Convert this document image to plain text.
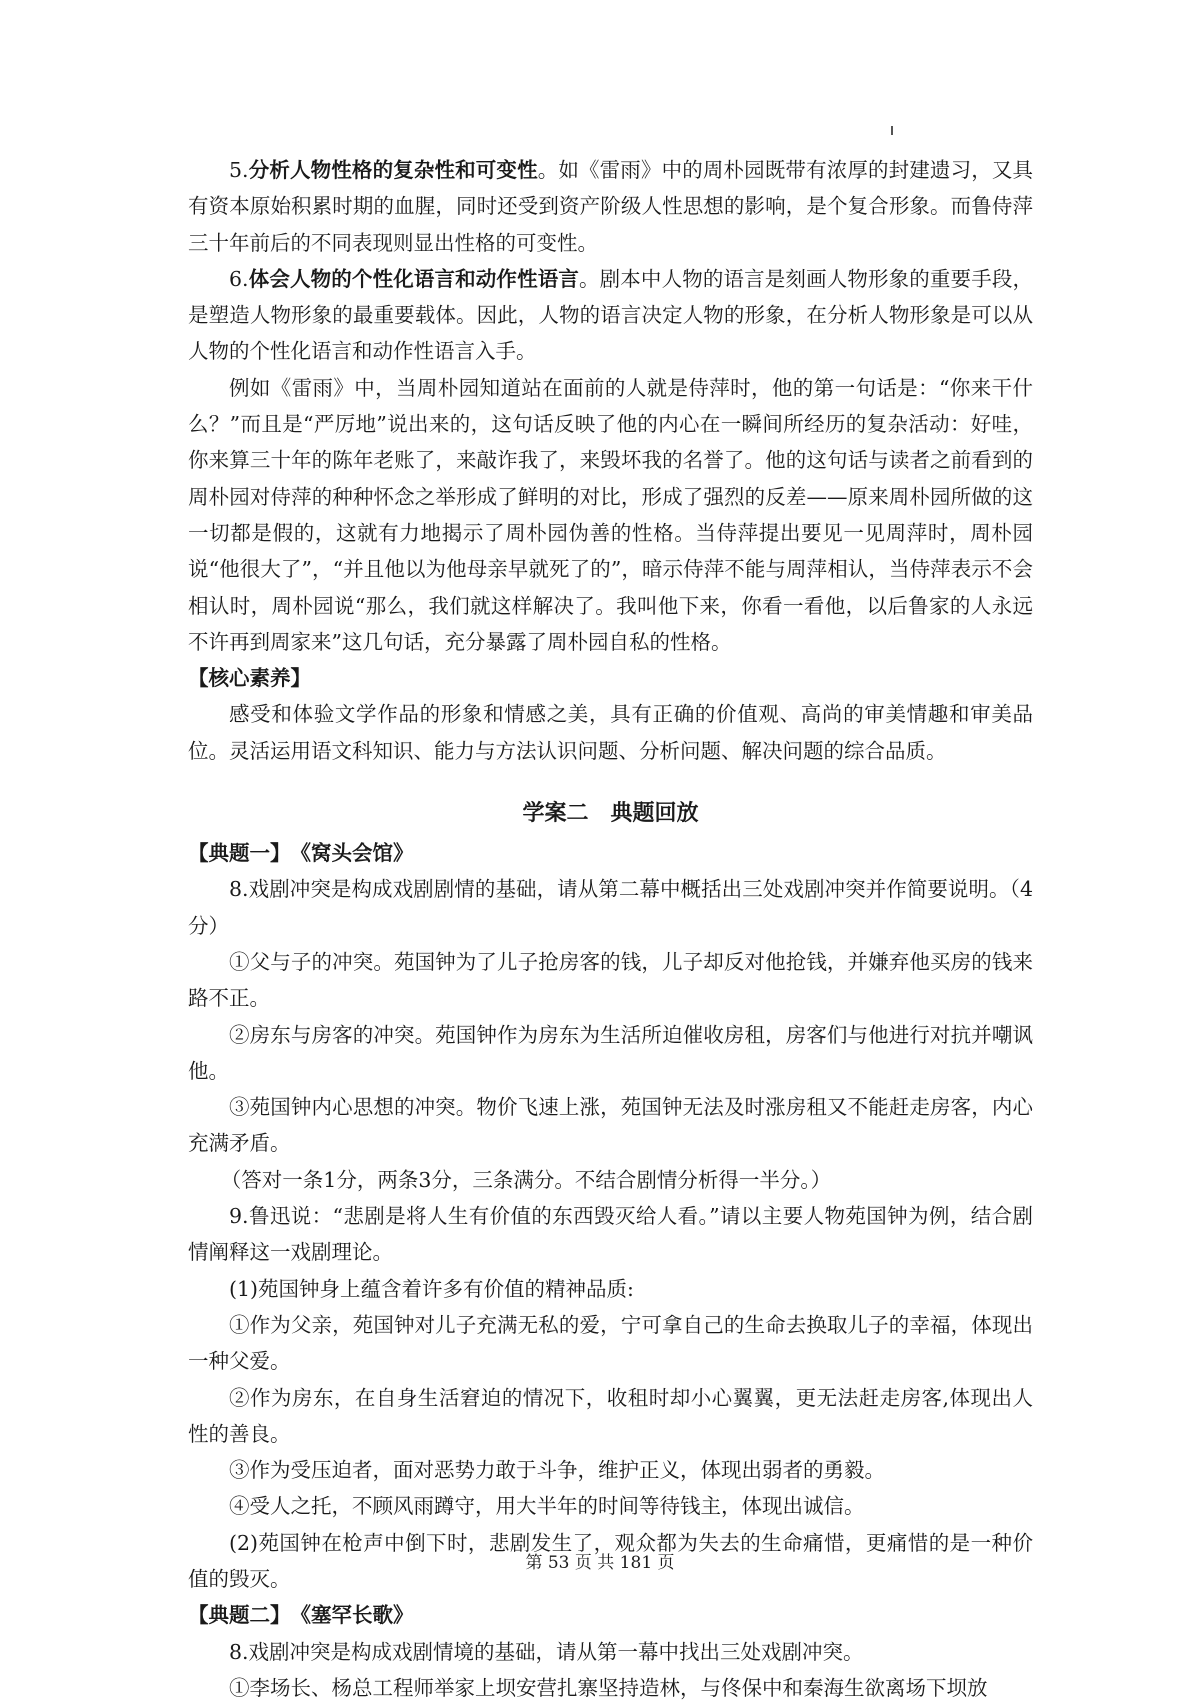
5.分析人物性格的复杂性和可变性。如《雷雨》中的周朴园既带有浓厚的封建遗习，又具有资本原始积累时期的血腥，同时还受到资产阶级人性思想的影响，是个复合形象。而鲁侍萍三十年前后的不同表现则显出性格的可变性。

6.体会人物的个性化语言和动作性语言。剧本中人物的语言是刻画人物形象的重要手段，是塑造人物形象的最重要载体。因此，人物的语言决定人物的形象，在分析人物形象是可以从人物的个性化语言和动作性语言入手。

例如《雷雨》中，当周朴园知道站在面前的人就是侍萍时，他的第一句话是：“你来干什么？”而且是“严厉地”说出来的，这句话反映了他的内心在一瞬间所经历的复杂活动：好哇，你来算三十年的陈年老账了，来敲诈我了，来毁坏我的名誉了。他的这句话与读者之前看到的周朴园对侍萍的种种怀念之举形成了鲜明的对比，形成了强烈的反差——原来周朴园所做的这一切都是假的，这就有力地揭示了周朴园伪善的性格。当侍萍提出要见一见周萍时，周朴园说“他很大了”，“并且他以为他母亲早就死了的”，暗示侍萍不能与周萍相认，当侍萍表示不会相认时，周朴园说“那么，我们就这样解决了。我叫他下来，你看一看他，以后鲁家的人永远不许再到周家来”这几句话，充分暴露了周朴园自私的性格。

【核心素养】

感受和体验文学作品的形象和情感之美，具有正确的价值观、高尚的审美情趣和审美品位。灵活运用语文科知识、能力与方法认识问题、分析问题、解决问题的综合品质。

学案二　典题回放

【典题一】　《窝头会馆》

8.戏剧冲突是构成戏剧剧情的基础，请从第二幕中概括出三处戏剧冲突并作简要说明。（4分）

①父与子的冲突。苑国钟为了儿子抢房客的钱，儿子却反对他抢钱，并嫌弃他买房的钱来路不正。

②房东与房客的冲突。苑国钟作为房东为生活所迫催收房租，房客们与他进行对抗并嘲讽他。

③苑国钟内心思想的冲突。物价飞速上涨，苑国钟无法及时涨房租又不能赶走房客，内心充满矛盾。

（答对一条1分，两条3分，三条满分。不结合剧情分析得一半分。）

9.鲁迅说：“悲剧是将人生有价值的东西毁灭给人看。”请以主要人物苑国钟为例，结合剧情阐释这一戏剧理论。

(1)苑国钟身上蕴含着许多有价值的精神品质:

①作为父亲，苑国钟对儿子充满无私的爱，宁可拿自己的生命去换取儿子的幸福，体现出一种父爱。

②作为房东，在自身生活窘迫的情况下，收租时却小心翼翼，更无法赶走房客,体现出人性的善良。

③作为受压迫者，面对恶势力敢于斗争，维护正义，体现出弱者的勇毅。

④受人之托，不顾风雨蹲守，用大半年的时间等待钱主，体现出诚信。

(2)苑国钟在枪声中倒下时，悲剧发生了，观众都为失去的生命痛惜，更痛惜的是一种价值的毁灭。

【典题二】　《塞罕长歌》

8.戏剧冲突是构成戏剧情境的基础，请从第一幕中找出三处戏剧冲突。

①李场长、杨总工程师举家上坝安营扎寨坚持造林，与佟保中和秦海生欲离场下坝放

第 53 页 共 181 页
